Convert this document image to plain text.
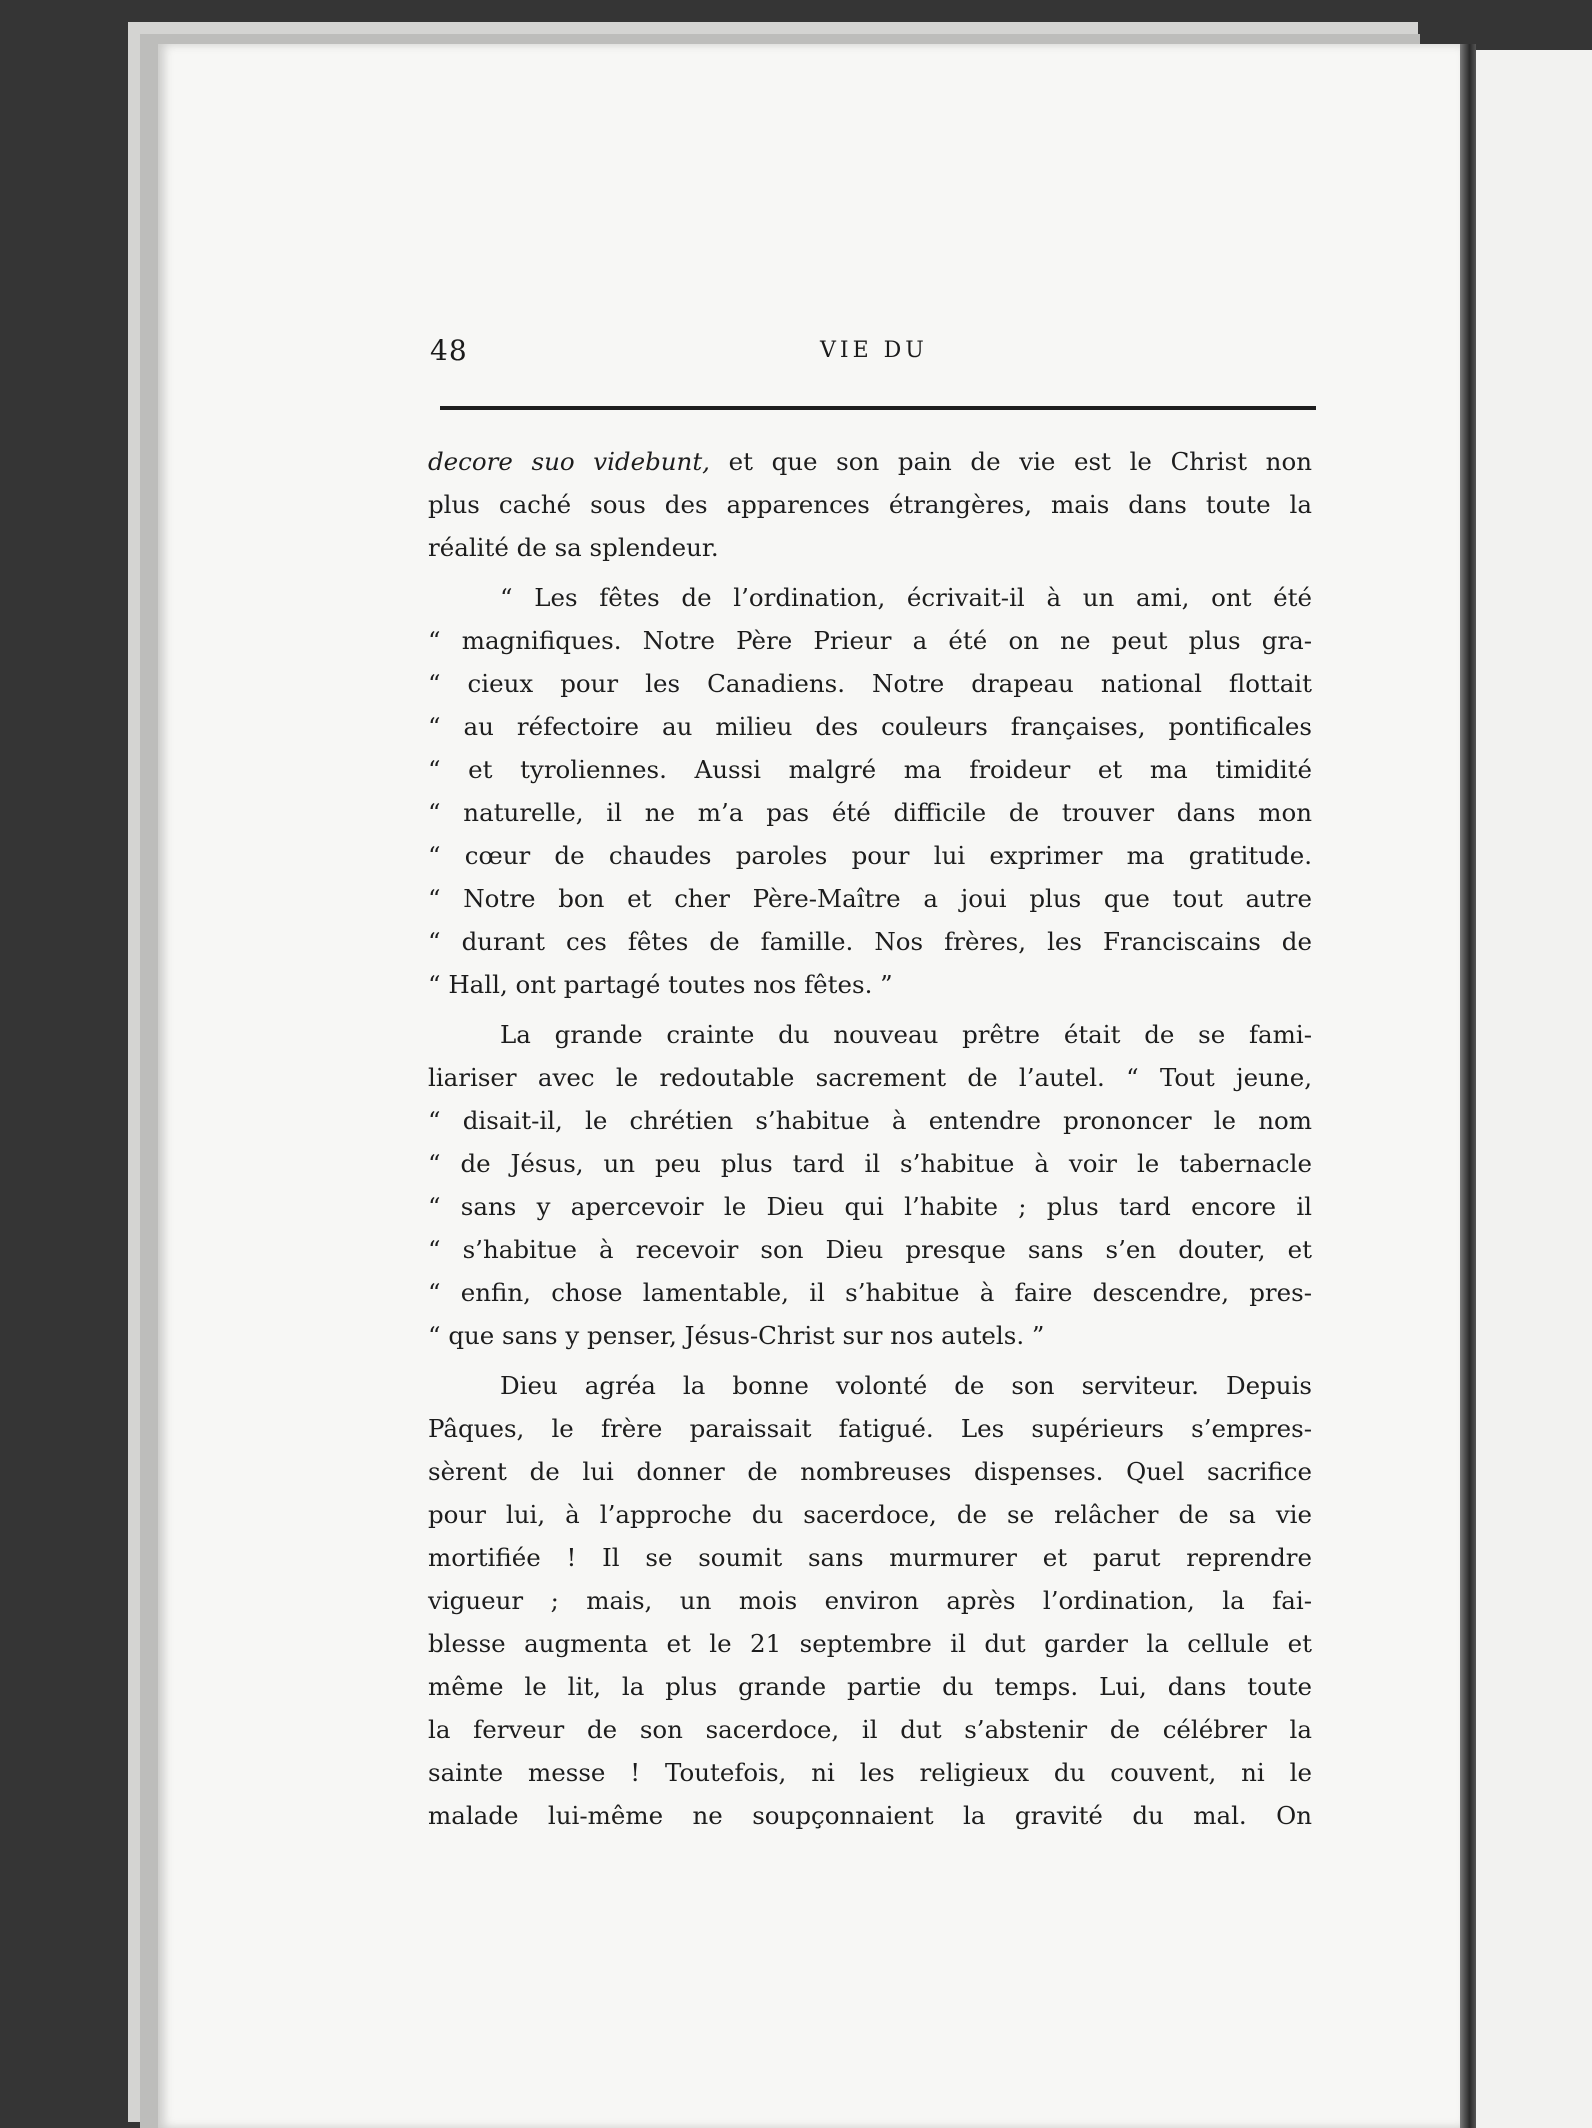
48	VIE DU
decore suo videbunt, et que son pain de vie est le Christ non
plus caché sous des apparences étrangères, mais dans toute la
réalité de sa splendeur.
“ Les fêtes de l’ordination, écrivait-il à un ami, ont été
“ magnifiques. Notre Père Prieur a été on ne peut plus gra-
“ cieux pour les Canadiens. Notre drapeau national flottait
“ au réfectoire au milieu des couleurs françaises, pontificales
“ et tyroliennes. Aussi malgré ma froideur et ma timidité
“ naturelle, il ne m’a pas été difficile de trouver dans mon
“ cœur de chaudes paroles pour lui exprimer ma gratitude.
“ Notre bon et cher Père-Maître a joui plus que tout autre
“ durant ces fêtes de famille. Nos frères, les Franciscains de
“ Hall, ont partagé toutes nos fêtes. ”
La grande crainte du nouveau prêtre était de se fami-
liariser avec le redoutable sacrement de l’autel. “ Tout jeune,
“ disait-il, le chrétien s’habitue à entendre prononcer le nom
“ de Jésus, un peu plus tard il s’habitue à voir le tabernacle
“ sans y apercevoir le Dieu qui l’habite ; plus tard encore il
“ s’habitue à recevoir son Dieu presque sans s’en douter, et
“ enfin, chose lamentable, il s’habitue à faire descendre, pres-
“ que sans y penser, Jésus-Christ sur nos autels. ”
Dieu agréa la bonne volonté de son serviteur. Depuis
Pâques, le frère paraissait fatigué. Les supérieurs s’empres-
sèrent de lui donner de nombreuses dispenses. Quel sacrifice
pour lui, à l’approche du sacerdoce, de se relâcher de sa vie
mortifiée ! Il se soumit sans murmurer et parut reprendre
vigueur ; mais, un mois environ après l’ordination, la fai-
blesse augmenta et le 21 septembre il dut garder la cellule et
même le lit, la plus grande partie du temps. Lui, dans toute
la ferveur de son sacerdoce, il dut s’abstenir de célébrer la
sainte messe ! Toutefois, ni les religieux du couvent, ni le
malade lui-même ne soupçonnaient la gravité du mal. On
